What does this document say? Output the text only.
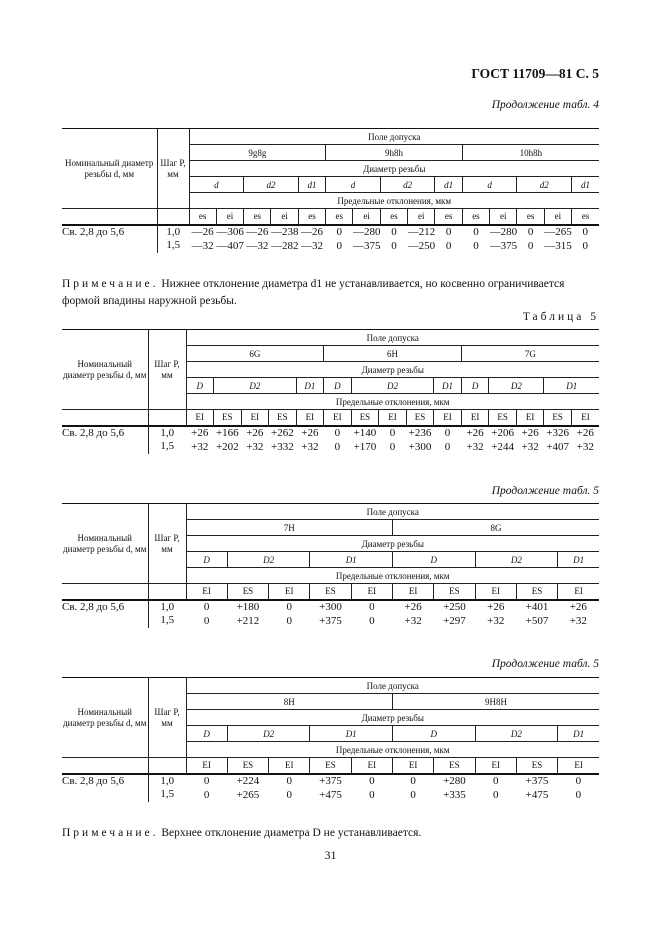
ГОСТ 11709—81 С. 5
Продолжение табл. 4
Номинальный диаметр резьбы d, мм	Шаг P, мм	Поле допуска														
		9g8g					9h8h					10h8h				
		Диаметр резьбы														
		d		d2		d1	d		d2		d1	d		d2		d1
		Предельные отклонения, мкм														
		es	ei	es	ei	es	es	ei	es	ei	es	es	ei	es	ei	es
Св. 2,8 до 5,6	1,0	—26	—306	—26	—238	—26	0	—280	0	—212	0	0	—280	0	—265	0
	1,5	—32	—407	—32	—282	—32	0	—375	0	—250	0	0	—375	0	—315	0
Примечание. Нижнее отклонение диаметра d1 не устанавливается, но косвенно ограничивается формой впадины наружной резьбы.
Таблица 5
Номинальный диаметр резьбы d, мм	Шаг P, мм	Поле допуска														
		6G					6H					7G				
		Диаметр резьбы														
		D	D2			D1	D	D2			D1	D	D2		D1	
		Предельные отклонения, мкм														
		EI	ES	EI	ES	EI	EI	ES	EI	ES	EI	EI	ES	EI	ES	EI
Св. 2,8 до 5,6	1,0	+26	+166	+26	+262	+26	0	+140	0	+236	0	+26	+206	+26	+326	+26
	1,5	+32	+202	+32	+332	+32	0	+170	0	+300	0	+32	+244	+32	+407	+32
Продолжение табл. 5
Номинальный диаметр резьбы d, мм	Шаг P, мм	Поле допуска									
		7H					8G				
		Диаметр резьбы									
		D	D2		D1		D		D2		D1
		Предельные отклонения, мкм									
		EI	ES	EI	ES	EI	EI	ES	EI	ES	EI
Св. 2,8 до 5,6	1,0	0	+180	0	+300	0	+26	+250	+26	+401	+26
	1,5	0	+212	0	+375	0	+32	+297	+32	+507	+32
Продолжение табл. 5
Номинальный диаметр резьбы d, мм	Шаг P, мм	Поле допуска									
		8H					9H8H				
		Диаметр резьбы									
		D	D2		D1		D		D2		D1
		Предельные отклонения, мкм									
		EI	ES	EI	ES	EI	EI	ES	EI	ES	EI
Св. 2,8 до 5,6	1,0	0	+224	0	+375	0	0	+280	0	+375	0
	1,5	0	+265	0	+475	0	0	+335	0	+475	0
Примечание. Верхнее отклонение диаметра D не устанавливается.
31
